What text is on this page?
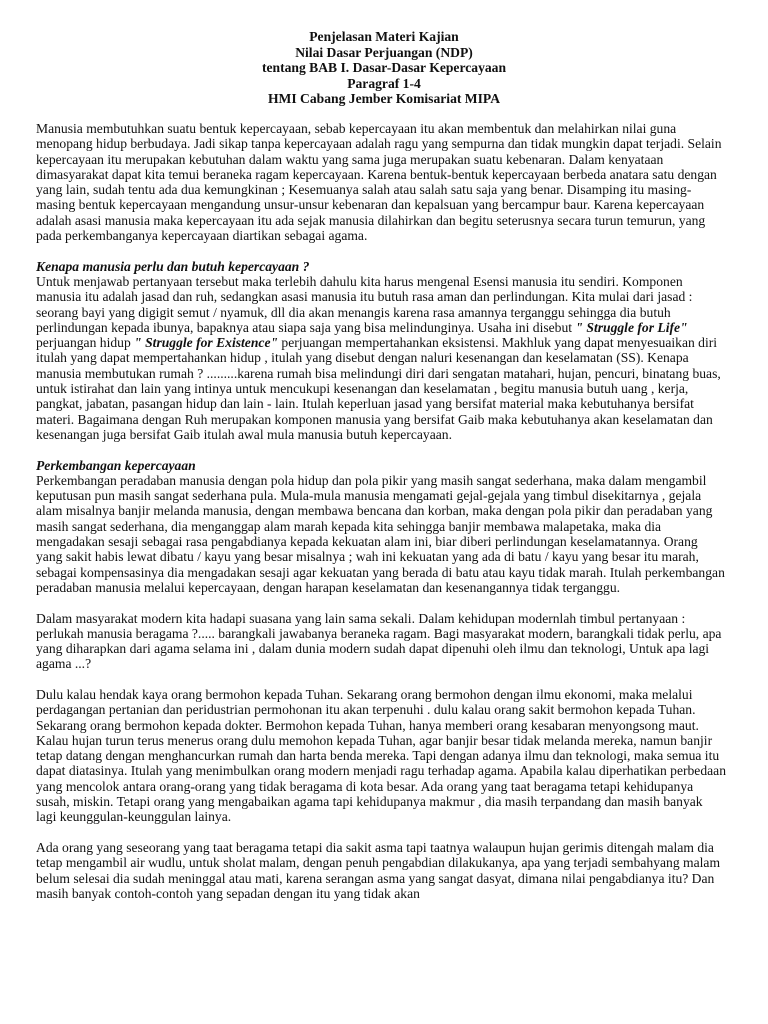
Penjelasan Materi Kajian
Nilai Dasar Perjuangan (NDP)
tentang BAB I. Dasar-Dasar Kepercayaan
Paragraf 1-4
HMI Cabang Jember Komisariat MIPA

Manusia membutuhkan suatu bentuk kepercayaan, sebab kepercayaan itu akan membentuk dan melahirkan nilai guna menopang hidup berbudaya. Jadi sikap tanpa kepercayaan adalah ragu yang sempurna dan tidak mungkin dapat terjadi. Selain kepercayaan itu merupakan kebutuhan dalam waktu yang sama juga merupakan suatu kebenaran. Dalam kenyataan dimasyarakat dapat kita temui beraneka ragam kepercayaan. Karena bentuk-bentuk kepercayaan berbeda anatara satu dengan yang lain, sudah tentu ada dua kemungkinan ; Kesemuanya salah atau salah satu saja yang benar. Disamping itu masing-masing bentuk kepercayaan mengandung unsur-unsur kebenaran dan kepalsuan yang bercampur baur. Karena kepercayaan adalah asasi manusia maka kepercayaan itu ada sejak manusia dilahirkan dan begitu seterusnya secara turun temurun, yang pada perkembanganya kepercayaan diartikan sebagai agama.

Kenapa manusia perlu dan butuh kepercayaan ?

Untuk menjawab pertanyaan tersebut maka terlebih dahulu kita harus mengenal Esensi manusia itu sendiri. Komponen manusia itu adalah jasad dan ruh, sedangkan asasi manusia itu butuh rasa aman dan perlindungan. Kita mulai dari jasad : seorang bayi yang digigit semut / nyamuk, dll dia akan menangis karena rasa amannya terganggu sehingga dia butuh perlindungan kepada ibunya, bapaknya atau siapa saja yang bisa melindunginya. Usaha ini disebut " Struggle for Life" perjuangan hidup " Struggle for Existence" perjuangan mempertahankan eksistensi. Makhluk yang dapat menyesuaikan diri itulah yang dapat mempertahankan hidup , itulah yang disebut dengan naluri kesenangan dan keselamatan (SS). Kenapa manusia membutukan rumah ? .........karena rumah bisa melindungi diri dari sengatan matahari, hujan, pencuri, binatang buas, untuk istirahat dan lain yang intinya untuk mencukupi kesenangan dan keselamatan , begitu manusia butuh uang , kerja, pangkat, jabatan, pasangan hidup dan lain - lain. Itulah keperluan jasad yang bersifat material maka kebutuhanya bersifat materi. Bagaimana dengan Ruh merupakan komponen manusia yang bersifat Gaib maka kebutuhanya akan keselamatan dan kesenangan juga bersifat Gaib itulah awal mula manusia butuh kepercayaan.

Perkembangan kepercayaan

Perkembangan peradaban manusia dengan pola hidup dan pola pikir yang masih sangat sederhana, maka dalam mengambil keputusan pun masih sangat sederhana pula. Mula-mula manusia mengamati gejal-gejala yang timbul disekitarnya , gejala alam misalnya banjir melanda manusia, dengan membawa bencana dan korban, maka dengan pola pikir dan peradaban yang masih sangat sederhana, dia menganggap alam marah kepada kita sehingga banjir membawa malapetaka, maka dia mengadakan sesaji sebagai rasa pengabdianya kepada kekuatan alam ini, biar diberi perlindungan keselamatannya. Orang yang sakit habis lewat dibatu / kayu yang besar misalnya ; wah ini kekuatan yang ada di batu / kayu yang besar itu marah, sebagai kompensasinya dia mengadakan sesaji agar kekuatan yang berada di batu atau kayu tidak marah. Itulah perkembangan peradaban manusia melalui kepercayaan, dengan harapan keselamatan dan kesenangannya tidak terganggu.

Dalam masyarakat modern kita hadapi suasana yang lain sama sekali. Dalam kehidupan modernlah timbul pertanyaan : perlukah manusia beragama ?..... barangkali jawabanya beraneka ragam. Bagi masyarakat modern, barangkali tidak perlu, apa yang diharapkan dari agama selama ini , dalam dunia modern sudah dapat dipenuhi oleh ilmu dan teknologi, Untuk apa lagi agama ...?

Dulu kalau hendak kaya orang bermohon kepada Tuhan. Sekarang orang bermohon dengan ilmu ekonomi, maka melalui perdagangan pertanian dan peridustrian permohonan itu akan terpenuhi . dulu kalau orang sakit bermohon kepada Tuhan. Sekarang orang bermohon kepada dokter. Bermohon kepada Tuhan, hanya memberi orang kesabaran menyongsong maut. Kalau hujan turun terus menerus orang dulu memohon kepada Tuhan, agar banjir besar tidak melanda mereka, namun banjir tetap datang dengan menghancurkan rumah dan harta benda mereka. Tapi dengan adanya ilmu dan teknologi, maka semua itu dapat diatasinya. Itulah yang menimbulkan orang modern menjadi ragu terhadap agama. Apabila kalau diperhatikan perbedaan yang mencolok antara orang-orang yang tidak beragama di kota besar. Ada orang yang taat beragama tetapi kehidupanya susah, miskin. Tetapi orang yang mengabaikan agama tapi kehidupanya makmur , dia masih terpandang dan masih banyak lagi keunggulan-keunggulan lainya.

Ada orang yang seseorang yang taat beragama tetapi dia sakit asma tapi taatnya walaupun hujan gerimis ditengah malam dia tetap mengambil air wudlu, untuk sholat malam, dengan penuh pengabdian dilakukanya, apa yang terjadi sembahyang malam belum selesai dia sudah meninggal atau mati, karena serangan asma yang sangat dasyat, dimana nilai pengabdianya itu? Dan masih banyak contoh-contoh yang sepadan dengan itu yang tidak akan
